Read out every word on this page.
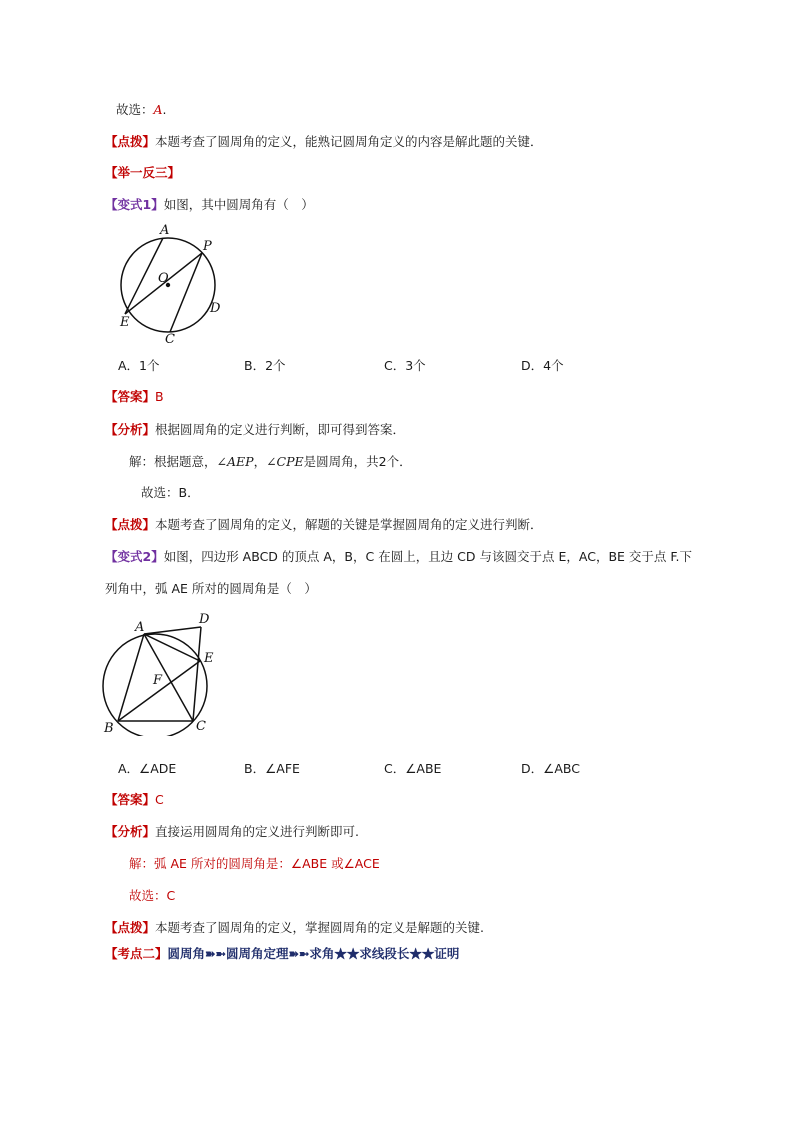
故选：A.
【点拨】本题考查了圆周角的定义，能熟记圆周角定义的内容是解此题的关键．
【举一反三】
【变式1】如图，其中圆周角有（　）
A
P
O
D
E
C
A．1个	B．2个	C．3个	D．4个
【答案】B
【分析】根据圆周角的定义进行判断，即可得到答案．
解：根据题意，∠AEP，∠CPE是圆周角，共2个．
故选：B．
【点拨】本题考查了圆周角的定义，解题的关键是掌握圆周角的定义进行判断．
【变式2】如图，四边形 ABCD 的顶点 A，B，C 在圆上，且边 CD 与该圆交于点 E，AC，BE 交于点 F.下
列角中，弧 AE 所对的圆周角是（　）
A
D
E
F
B	C
A．∠ADE	B．∠AFE	C．∠ABE	D．∠ABC
【答案】C
【分析】直接运用圆周角的定义进行判断即可.
解：弧 AE 所对的圆周角是：∠ABE 或∠ACE
故选：C
【点拨】本题考查了圆周角的定义，掌握圆周角的定义是解题的关键.
【考点二】圆周角➽➼圆周角定理➽➼求角★★求线段长★★证明
